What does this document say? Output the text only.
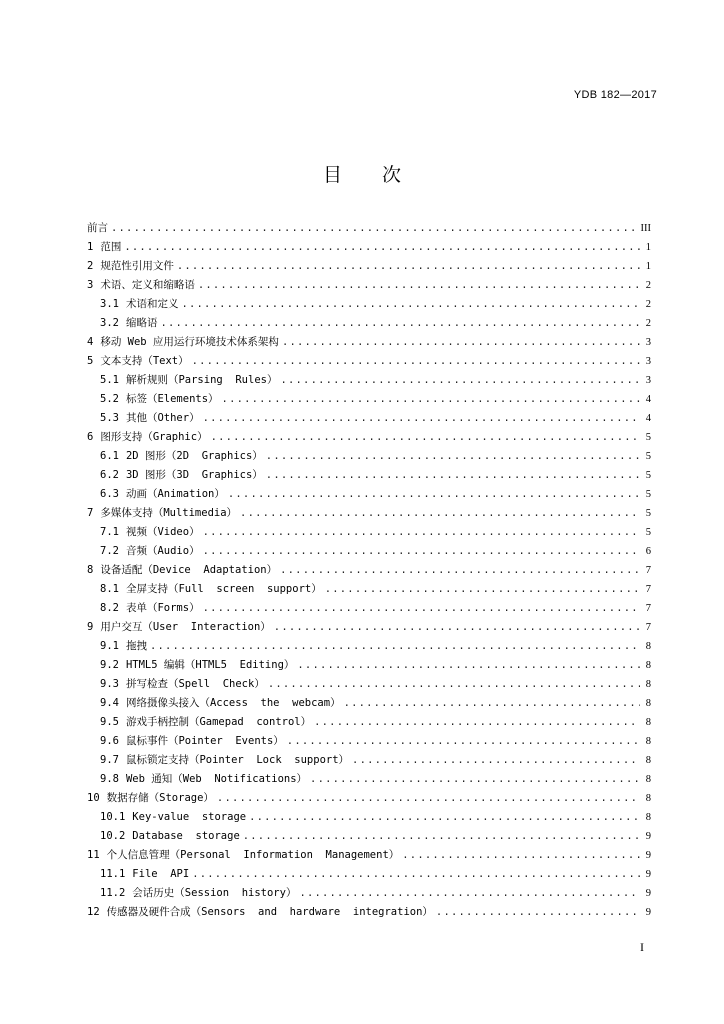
YDB 182—2017
目 次
前言 .....	III
1 范围 .....	1
2 规范性引用文件 .....	1
3 术语、定义和缩略语 .....	2
3.1 术语和定义 .....	2
3.2 缩略语 .....	2
4 移动 Web 应用运行环境技术体系架构 .....	3
5 文本支持（Text） .....	3
5.1 解析规则（Parsing  Rules） .....	3
5.2 标签（Elements） .....	4
5.3 其他（Other） .....	4
6 图形支持（Graphic） .....	5
6.1 2D 图形（2D  Graphics） .....	5
6.2 3D 图形（3D  Graphics） .....	5
6.3 动画（Animation） .....	5
7 多媒体支持（Multimedia） .....	5
7.1 视频（Video） .....	5
7.2 音频（Audio） .....	6
8 设备适配（Device  Adaptation） .....	7
8.1 全屏支持（Full  screen  support） .....	7
8.2 表单（Forms） .....	7
9 用户交互（User  Interaction） .....	7
9.1 拖拽 .....	8
9.2 HTML5 编辑（HTML5  Editing） .....	8
9.3 拼写检查（Spell  Check） .....	8
9.4 网络摄像头接入（Access  the  webcam） .....	8
9.5 游戏手柄控制（Gamepad  control） .....	8
9.6 鼠标事件（Pointer  Events） .....	8
9.7 鼠标锁定支持（Pointer  Lock  support） .....	8
9.8 Web 通知（Web  Notifications） .....	8
10 数据存储（Storage） .....	8
10.1 Key-value  storage .....	8
10.2 Database  storage .....	9
11 个人信息管理（Personal  Information  Management） .....	9
11.1 File  API .....	9
11.2 会话历史（Session  history） .....	9
12 传感器及硬件合成（Sensors  and  hardware  integration） .....	9
I
